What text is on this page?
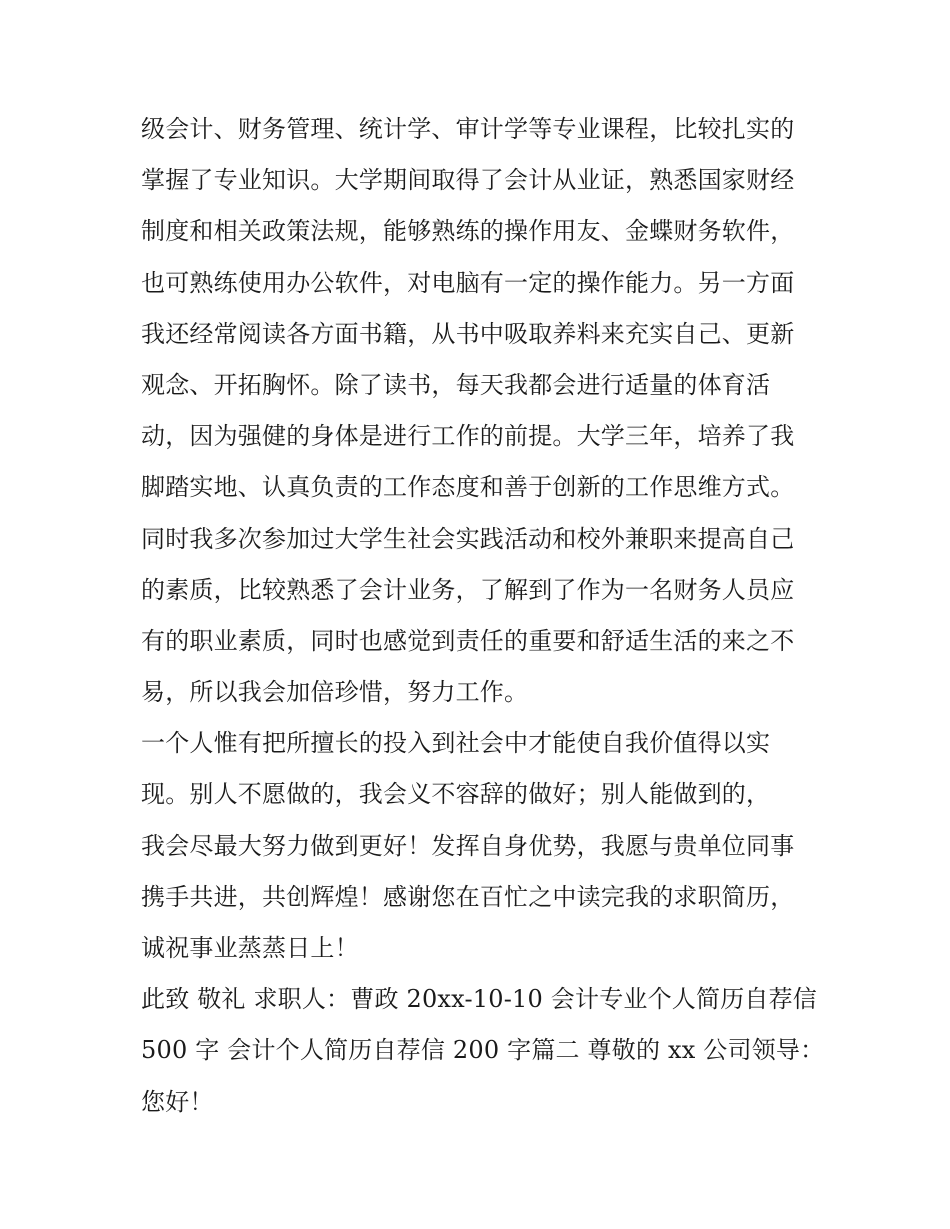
级会计、财务管理、统计学、审计学等专业课程，比较扎实的
掌握了专业知识。大学期间取得了会计从业证，熟悉国家财经
制度和相关政策法规，能够熟练的操作用友、金蝶财务软件，
也可熟练使用办公软件，对电脑有一定的操作能力。另一方面
我还经常阅读各方面书籍，从书中吸取养料来充实自己、更新
观念、开拓胸怀。除了读书，每天我都会进行适量的体育活
动，因为强健的身体是进行工作的前提。大学三年，培养了我
脚踏实地、认真负责的工作态度和善于创新的工作思维方式。
同时我多次参加过大学生社会实践活动和校外兼职来提高自己
的素质，比较熟悉了会计业务，了解到了作为一名财务人员应
有的职业素质，同时也感觉到责任的重要和舒适生活的来之不
易，所以我会加倍珍惜，努力工作。
一个人惟有把所擅长的投入到社会中才能使自我价值得以实
现。别人不愿做的，我会义不容辞的做好；别人能做到的，
我会尽最大努力做到更好！发挥自身优势，我愿与贵单位同事
携手共进，共创辉煌！感谢您在百忙之中读完我的求职简历，
诚祝事业蒸蒸日上！
此致 敬礼 求职人：曹政 20xx-10-10 会计专业个人简历自荐信
500 字 会计个人简历自荐信 200 字篇二 尊敬的 xx 公司领导：
您好！
